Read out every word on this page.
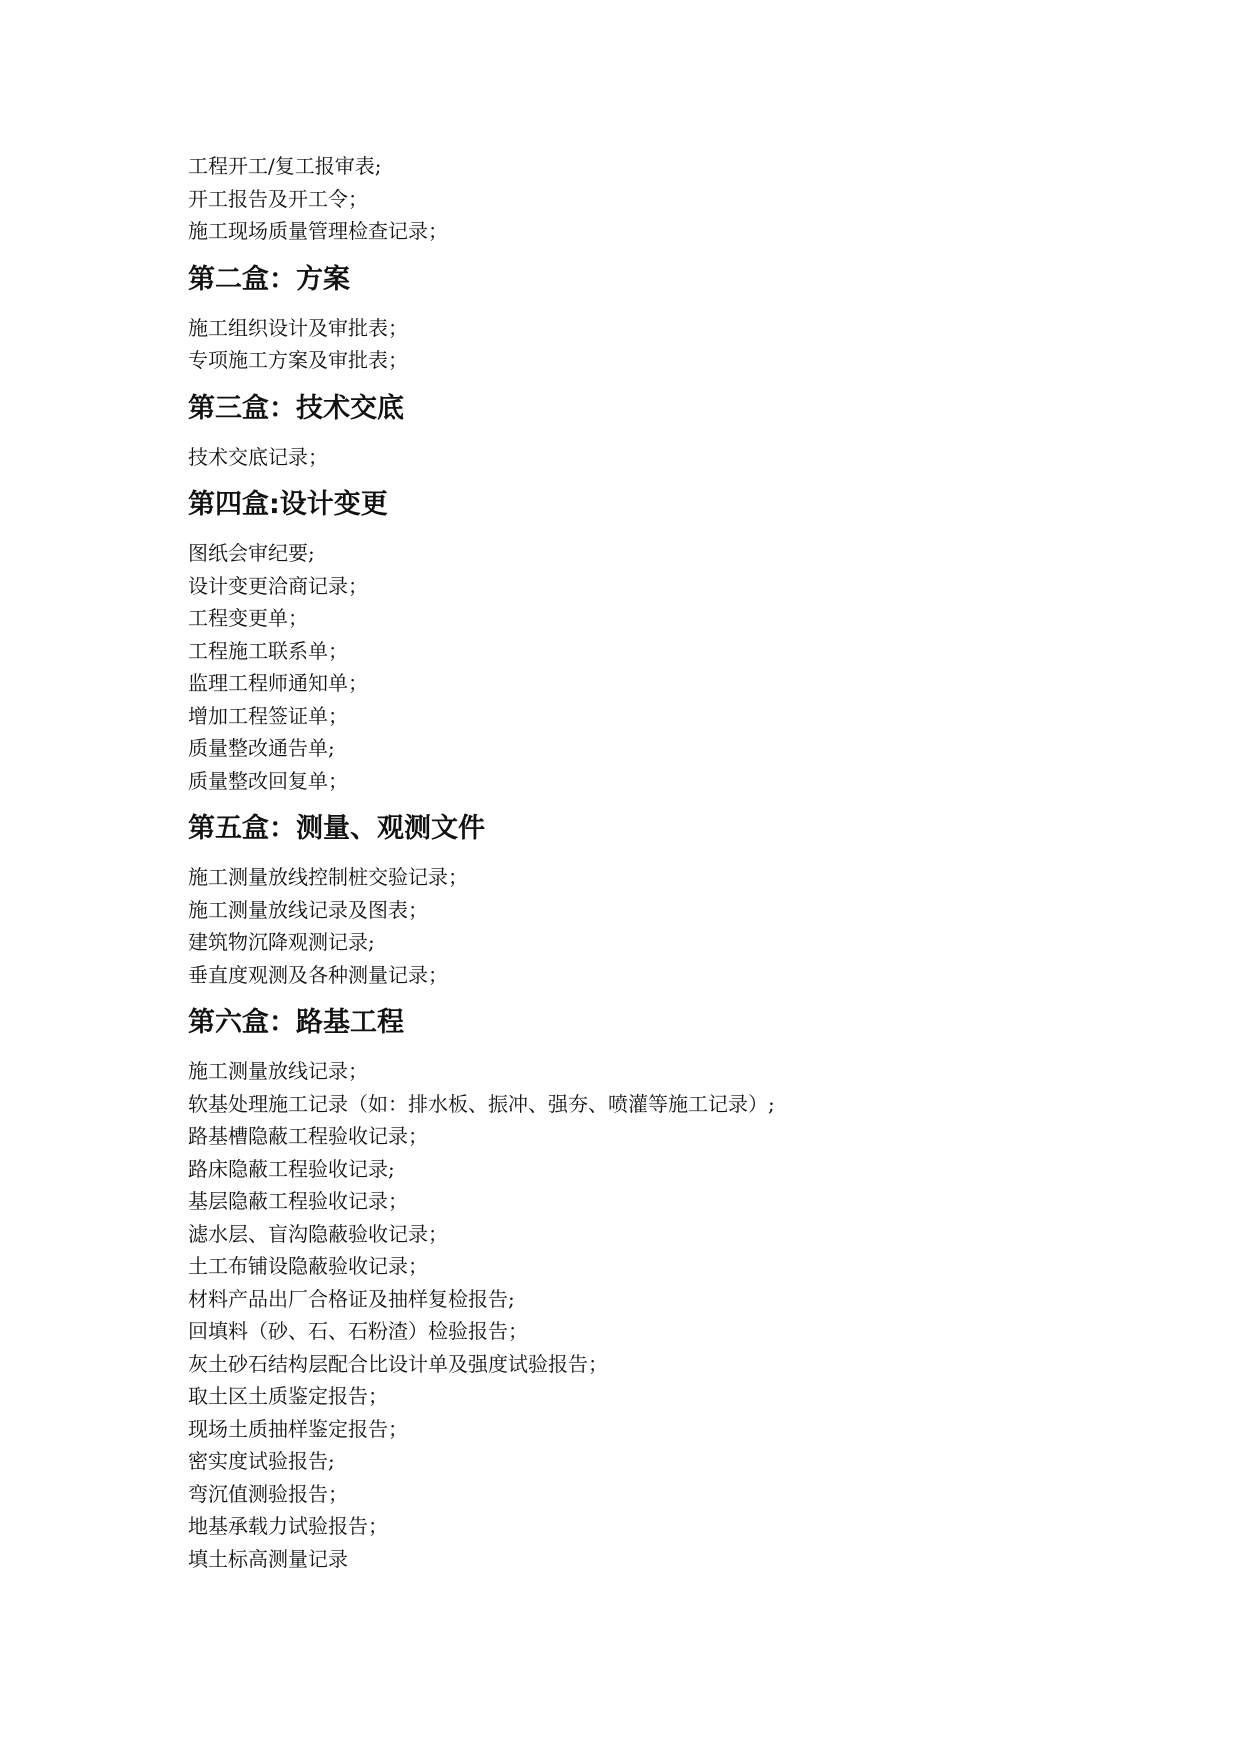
工程开工/复工报审表;
开工报告及开工令；
施工现场质量管理检查记录；
第二盒：方案
施工组织设计及审批表；
专项施工方案及审批表；
第三盒：技术交底
技术交底记录；
第四盒:设计变更
图纸会审纪要;
设计变更洽商记录；
工程变更单；
工程施工联系单；
监理工程师通知单；
增加工程签证单；
质量整改通告单;
质量整改回复单；
第五盒：测量、观测文件
施工测量放线控制桩交验记录；
施工测量放线记录及图表；
建筑物沉降观测记录;
垂直度观测及各种测量记录；
第六盒：路基工程
施工测量放线记录；
软基处理施工记录（如：排水板、振冲、强夯、喷灌等施工记录）;
路基槽隐蔽工程验收记录；
路床隐蔽工程验收记录;
基层隐蔽工程验收记录；
滤水层、盲沟隐蔽验收记录；
土工布铺设隐蔽验收记录；
材料产品出厂合格证及抽样复检报告;
回填料（砂、石、石粉渣）检验报告；
灰土砂石结构层配合比设计单及强度试验报告；
取土区土质鉴定报告；
现场土质抽样鉴定报告；
密实度试验报告;
弯沉值测验报告；
地基承载力试验报告；
填土标高测量记录
